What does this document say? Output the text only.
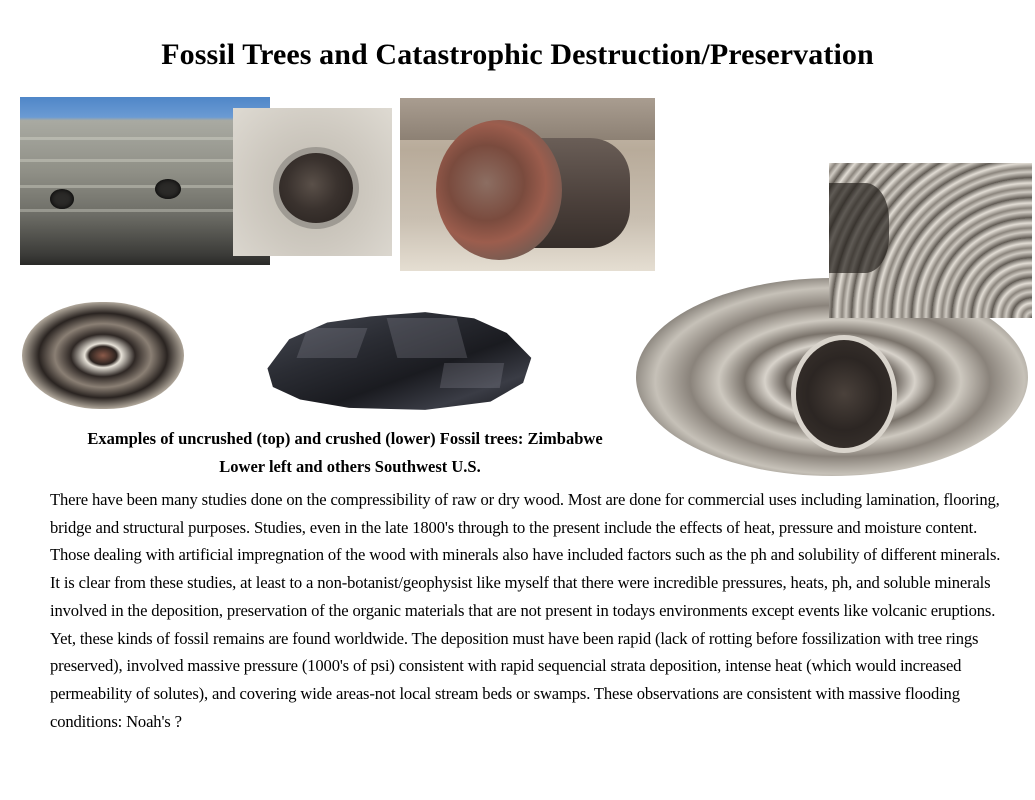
Fossil Trees and Catastrophic Destruction/Preservation
Examples of uncrushed (top) and crushed (lower) Fossil trees: Zimbabwe
Lower left and others Southwest U.S.
There have been many studies done on the compressibility of raw or dry wood. Most are done for commercial uses including lamination, flooring, bridge and structural purposes. Studies, even in the late 1800's through to the present include the effects of heat, pressure and moisture content. Those dealing with artificial impregnation of the wood with minerals also have included factors such as the ph and solubility of different minerals. It is clear from these studies, at least to a non-botanist/geophysist like myself that there were incredible pressures, heats, ph, and soluble minerals involved in the deposition, preservation of the organic materials that are not present in todays environments except events like volcanic eruptions. Yet, these kinds of fossil remains are found worldwide. The deposition must have been rapid (lack of rotting before fossilization with tree rings preserved), involved massive pressure (1000's of psi) consistent with rapid sequencial strata deposition, intense heat (which would increased permeability of solutes), and covering wide areas-not local stream beds or swamps. These observations are consistent with massive flooding conditions: Noah's ?
